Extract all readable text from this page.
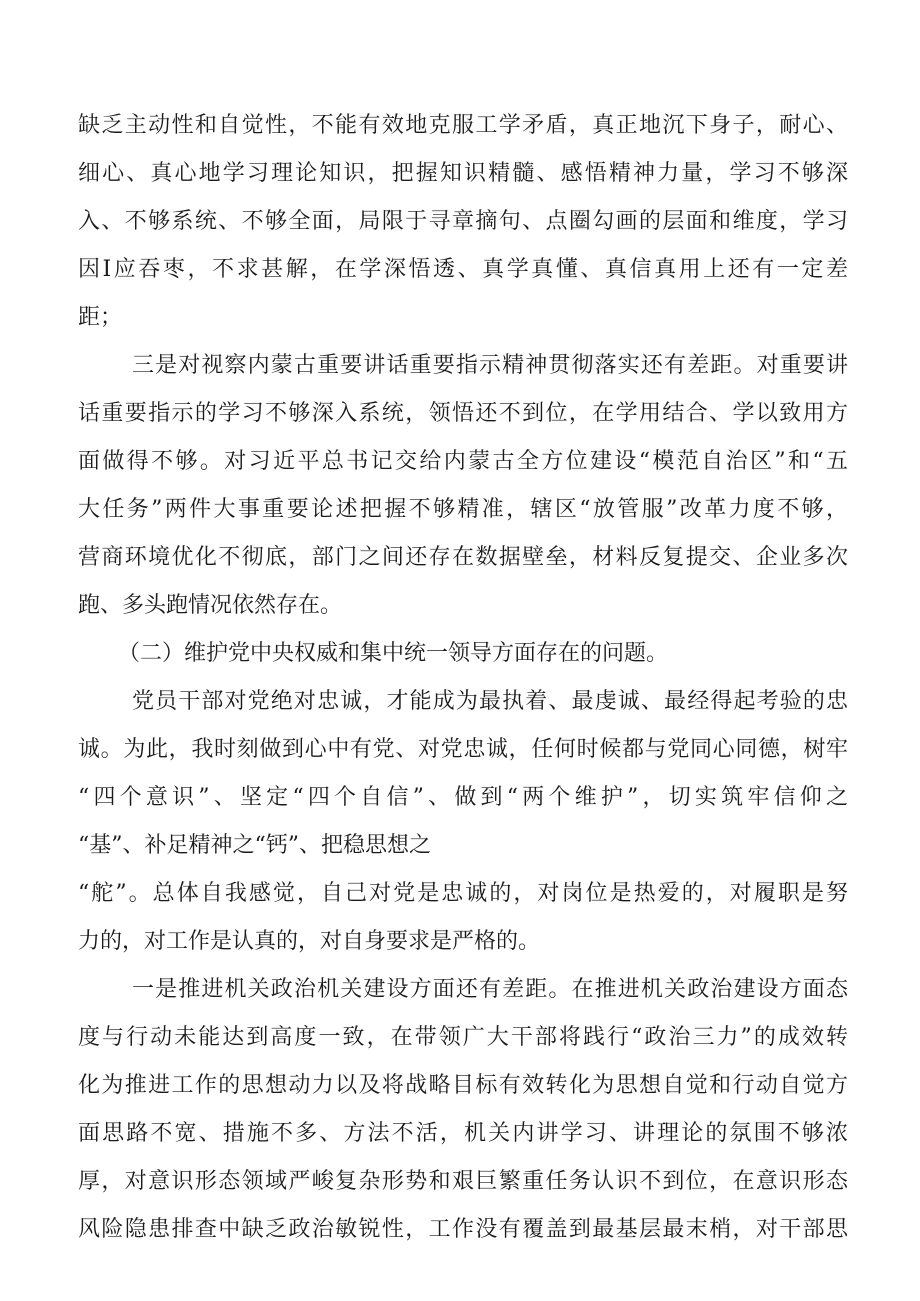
缺乏主动性和自觉性，不能有效地克服工学矛盾，真正地沉下身子，耐心、
细心、真心地学习理论知识，把握知识精髓、感悟精神力量，学习不够深
入、不够系统、不够全面，局限于寻章摘句、点圈勾画的层面和维度，学习
因Ⅰ应吞枣，不求甚解，在学深悟透、真学真懂、真信真用上还有一定差
距；
三是对视察内蒙古重要讲话重要指示精神贯彻落实还有差距。对重要讲
话重要指示的学习不够深入系统，领悟还不到位，在学用结合、学以致用方
面做得不够。对习近平总书记交给内蒙古全方位建设“模范自治区”和“五
大任务”两件大事重要论述把握不够精准，辖区“放管服”改革力度不够，
营商环境优化不彻底，部门之间还存在数据壁垒，材料反复提交、企业多次
跑、多头跑情况依然存在。
（二）维护党中央权威和集中统一领导方面存在的问题。
党员干部对党绝对忠诚，才能成为最执着、最虔诚、最经得起考验的忠
诚。为此，我时刻做到心中有党、对党忠诚，任何时候都与党同心同德，树牢
“四个意识”、坚定“四个自信”、做到“两个维护”，切实筑牢信仰之
“基”、补足精神之“钙”、把稳思想之
“舵”。总体自我感觉，自己对党是忠诚的，对岗位是热爱的，对履职是努
力的，对工作是认真的，对自身要求是严格的。
一是推进机关政治机关建设方面还有差距。在推进机关政治建设方面态
度与行动未能达到高度一致，在带领广大干部将践行“政治三力”的成效转
化为推进工作的思想动力以及将战略目标有效转化为思想自觉和行动自觉方
面思路不宽、措施不多、方法不活，机关内讲学习、讲理论的氛围不够浓
厚，对意识形态领域严峻复杂形势和艰巨繁重任务认识不到位，在意识形态
风险隐患排查中缺乏政治敏锐性，工作没有覆盖到最基层最末梢，对干部思
